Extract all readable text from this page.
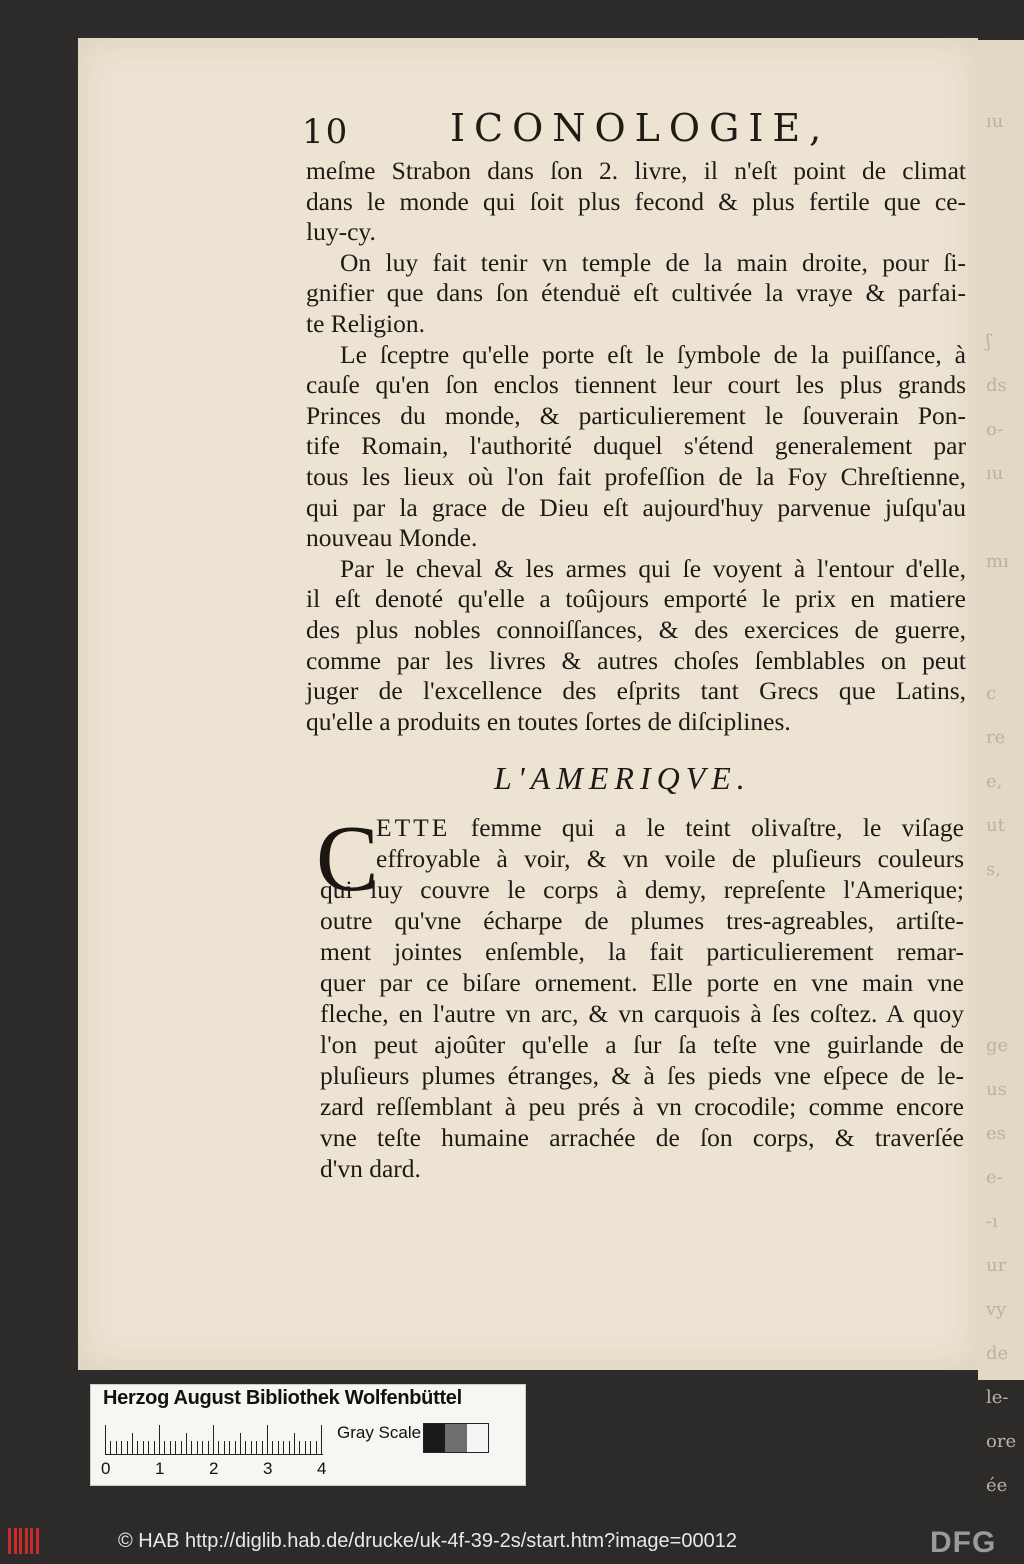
ıu
ʃ
ds
o-
ıu
mı
c
re
e,
ut
s,
ge
us
es
e-
-ı
ur
vy
de
le-
ore
ée
10	ICONOLOGIE,
meſme Strabon dans ſon 2. livre, il n'eſt point de climat
dans le monde qui ſoit plus fecond & plus fertile que ce-
luy-cy.
On luy fait tenir vn temple de la main droite, pour ſi-
gnifier que dans ſon étenduë eſt cultivée la vraye & parfai-
te Religion.
Le ſceptre qu'elle porte eſt le ſymbole de la puiſſance, à
cauſe qu'en ſon enclos tiennent leur court les plus grands
Princes du monde, & particulierement le ſouverain Pon-
tife Romain, l'authorité duquel s'étend generalement par
tous les lieux où l'on fait profeſſion de la Foy Chreſtienne,
qui par la grace de Dieu eſt aujourd'huy parvenue juſqu'au
nouveau Monde.
Par le cheval & les armes qui ſe voyent à l'entour d'elle,
il eſt denoté qu'elle a toûjours emporté le prix en matiere
des plus nobles connoiſſances, & des exercices de guerre,
comme par les livres & autres choſes ſemblables on peut
juger de l'excellence des eſprits tant Grecs que Latins,
qu'elle a produits en toutes ſortes de diſciplines.
L'AMERIQVE.
C
ETTE femme qui a le teint olivaſtre, le viſage
effroyable à voir, & vn voile de pluſieurs couleurs
qui luy couvre le corps à demy, repreſente l'Amerique;
outre qu'vne écharpe de plumes tres-agreables, artiſte-
ment jointes enſemble, la fait particulierement remar-
quer par ce biſare ornement. Elle porte en vne main vne
fleche, en l'autre vn arc, & vn carquois à ſes coſtez. A quoy
l'on peut ajoûter qu'elle a ſur ſa teſte vne guirlande de
pluſieurs plumes étranges, & à ſes pieds vne eſpece de le-
zard reſſemblant à peu prés à vn crocodile; comme encore
vne teſte humaine arrachée de ſon corps, & traverſée
d'vn dard.
Herzog August Bibliothek Wolfenbüttel
0	1	2	3	4
Gray Scale
© HAB http://diglib.hab.de/drucke/uk-4f-39-2s/start.htm?image=00012	DFG
